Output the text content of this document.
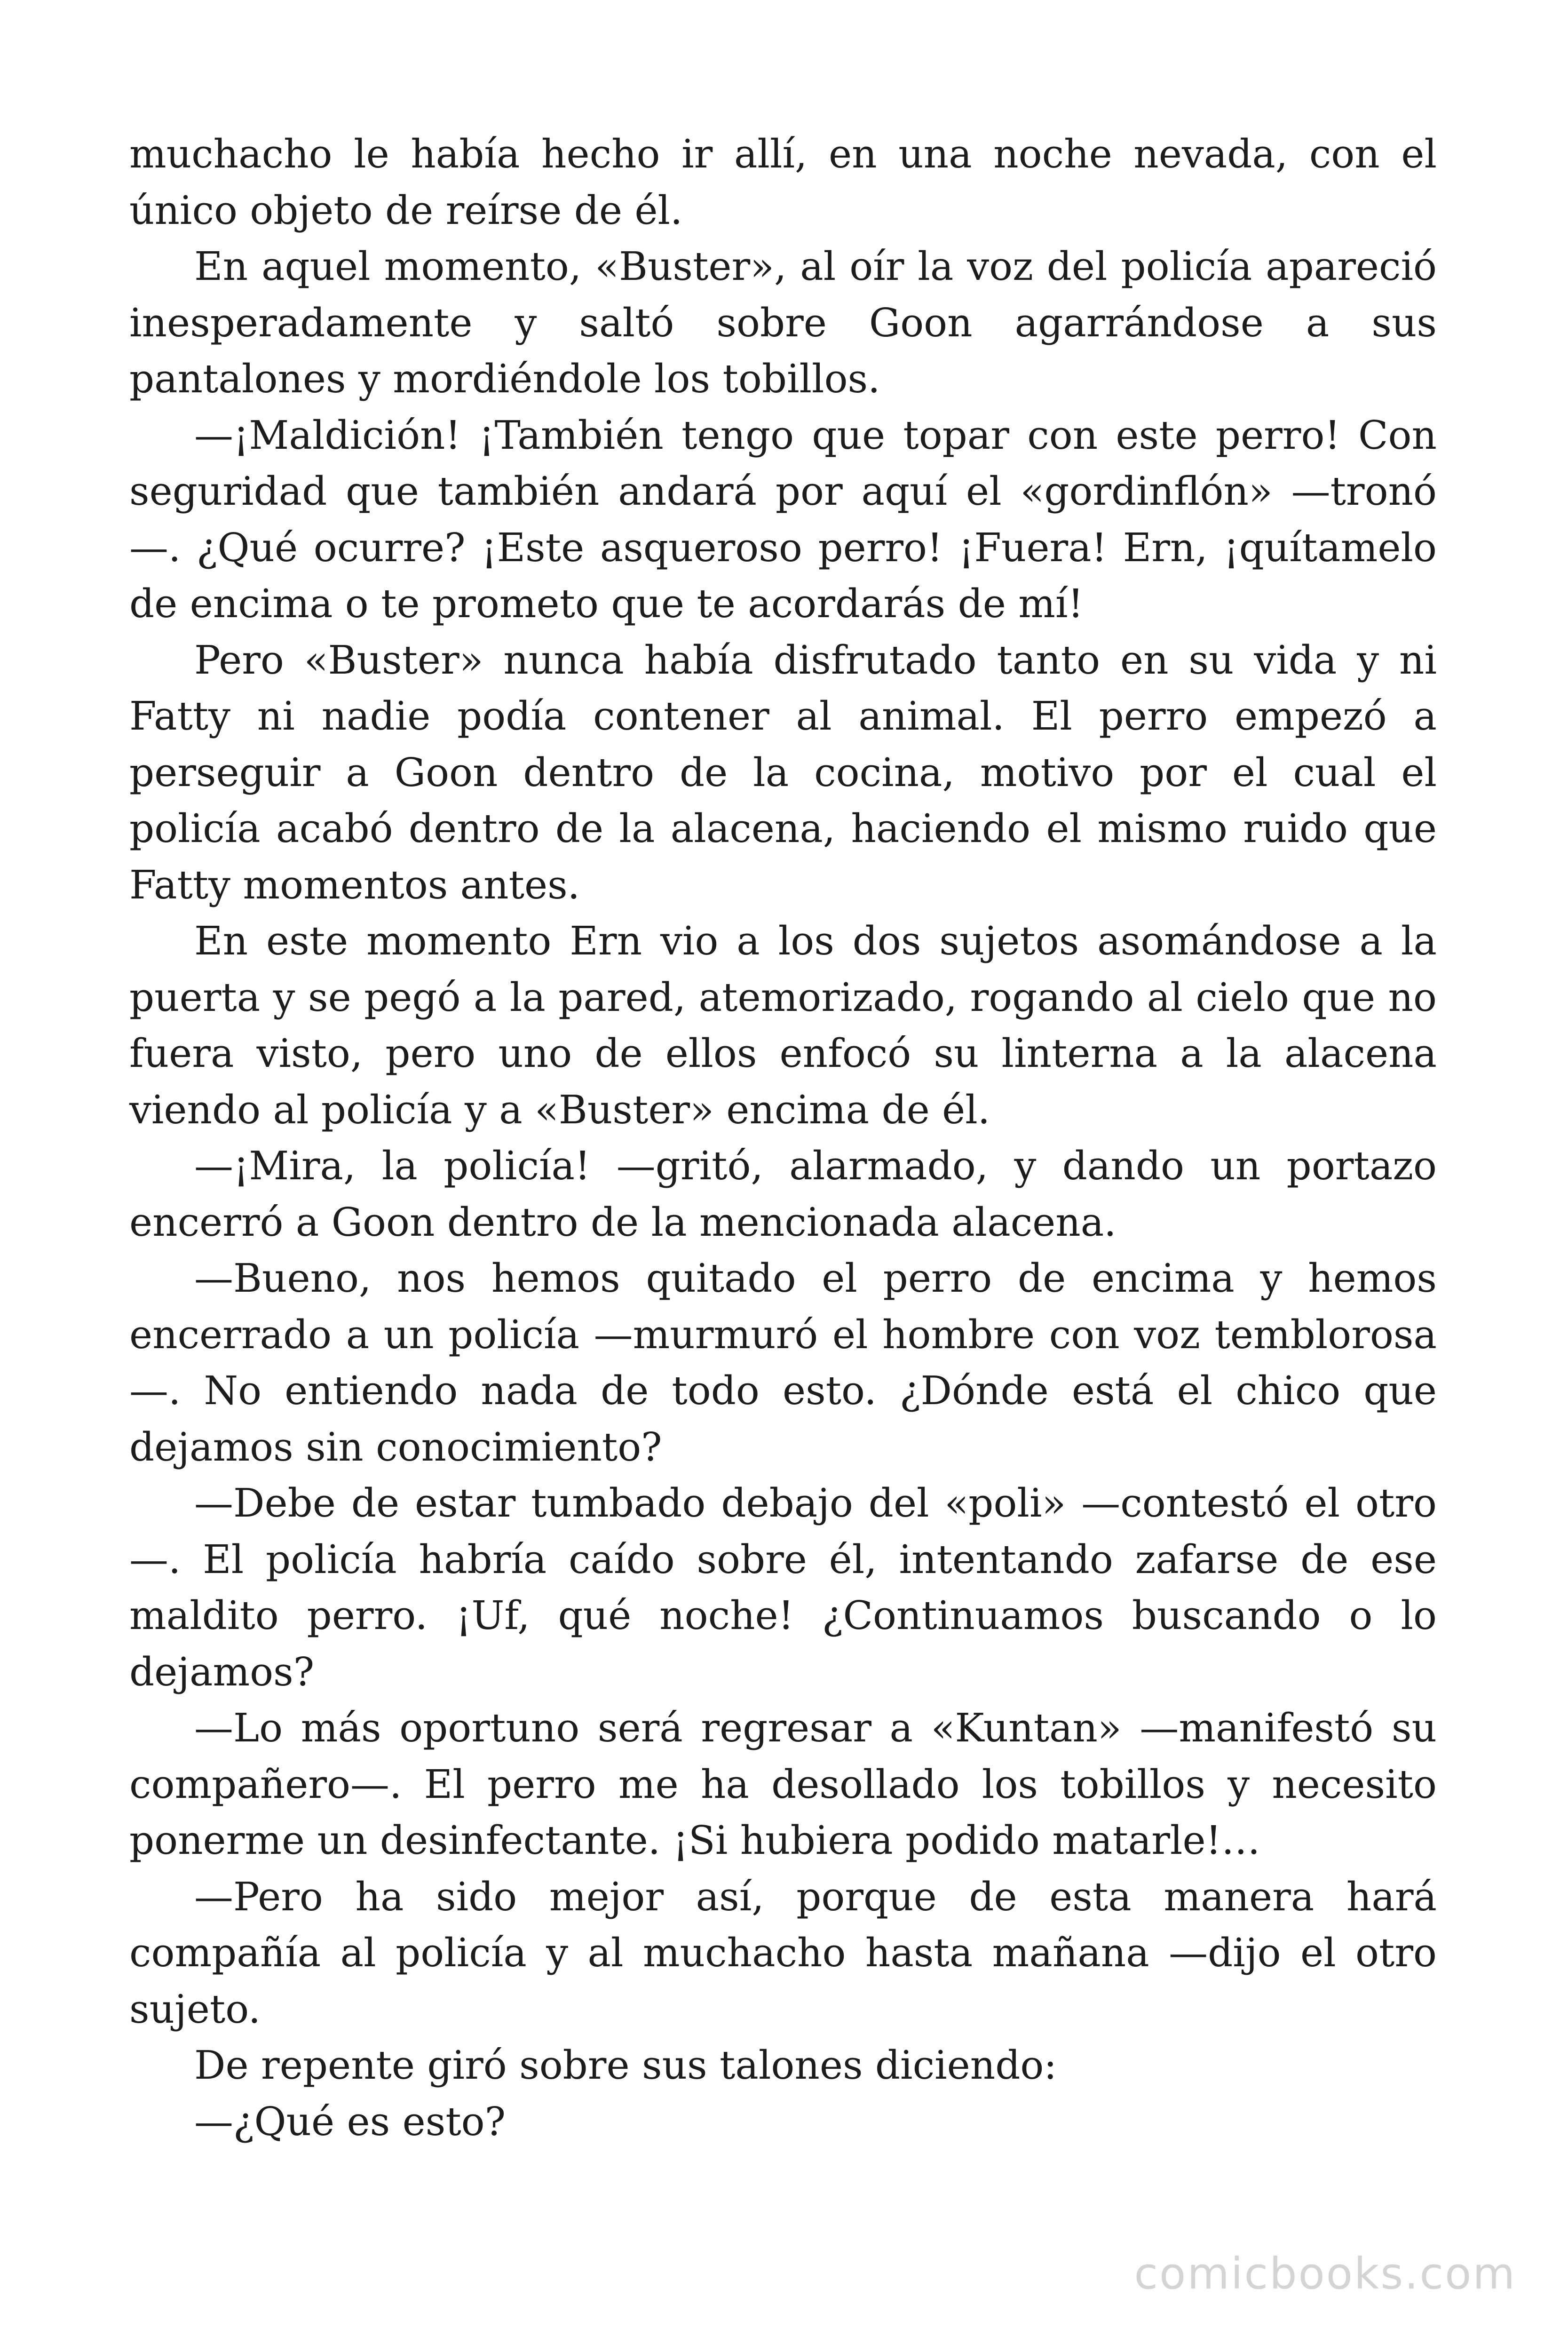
muchacho le había hecho ir allí, en una noche nevada, con el único objeto de reírse de él.

En aquel momento, «Buster», al oír la voz del policía apareció inesperadamente y saltó sobre Goon agarrándose a sus pantalones y mordiéndole los tobillos.

—¡Maldición! ¡También tengo que topar con este perro! Con seguridad que también andará por aquí el «gordinflón» —tronó—. ¿Qué ocurre? ¡Este asqueroso perro! ¡Fuera! Ern, ¡quítamelo de encima o te prometo que te acordarás de mí!

Pero «Buster» nunca había disfrutado tanto en su vida y ni Fatty ni nadie podía contener al animal. El perro empezó a perseguir a Goon dentro de la cocina, motivo por el cual el policía acabó dentro de la alacena, haciendo el mismo ruido que Fatty momentos antes.

En este momento Ern vio a los dos sujetos asomándose a la puerta y se pegó a la pared, atemorizado, rogando al cielo que no fuera visto, pero uno de ellos enfocó su linterna a la alacena viendo al policía y a «Buster» encima de él.

—¡Mira, la policía! —gritó, alarmado, y dando un portazo encerró a Goon dentro de la mencionada alacena.

—Bueno, nos hemos quitado el perro de encima y hemos encerrado a un policía —murmuró el hombre con voz temblorosa—. No entiendo nada de todo esto. ¿Dónde está el chico que dejamos sin conocimiento?

—Debe de estar tumbado debajo del «poli» —contestó el otro—. El policía habría caído sobre él, intentando zafarse de ese maldito perro. ¡Uf, qué noche! ¿Continuamos buscando o lo dejamos?

—Lo más oportuno será regresar a «Kuntan» —manifestó su compañero—. El perro me ha desollado los tobillos y necesito ponerme un desinfectante. ¡Si hubiera podido matarle!…

—Pero ha sido mejor así, porque de esta manera hará compañía al policía y al muchacho hasta mañana —dijo el otro sujeto.

De repente giró sobre sus talones diciendo:

—¿Qué es esto?

comicbooks.com
